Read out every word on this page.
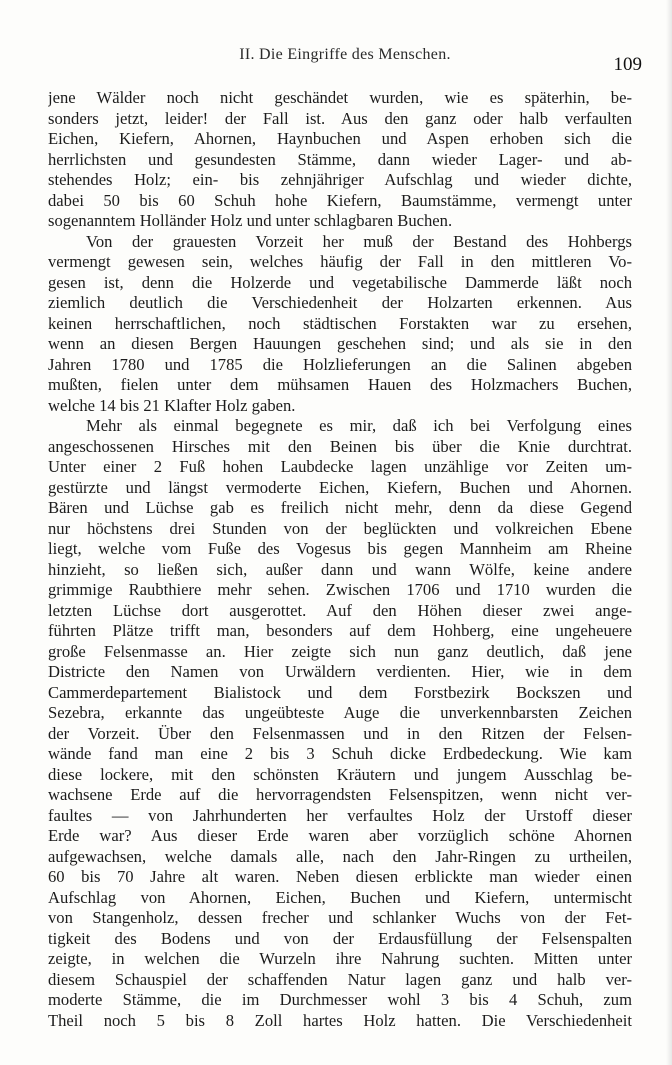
II. Die Eingriffe des Menschen.	109
jene Wälder noch nicht geschändet wurden, wie es späterhin, be-
sonders jetzt, leider! der Fall ist. Aus den ganz oder halb verfaulten
Eichen, Kiefern, Ahornen, Haynbuchen und Aspen erhoben sich die
herrlichsten und gesundesten Stämme, dann wieder Lager- und ab-
stehendes Holz; ein- bis zehnjähriger Aufschlag und wieder dichte,
dabei 50 bis 60 Schuh hohe Kiefern, Baumstämme, vermengt unter
sogenanntem Holländer Holz und unter schlagbaren Buchen.
Von der grauesten Vorzeit her muß der Bestand des Hohbergs
vermengt gewesen sein, welches häufig der Fall in den mittleren Vo-
gesen ist, denn die Holzerde und vegetabilische Dammerde läßt noch
ziemlich deutlich die Verschiedenheit der Holzarten erkennen. Aus
keinen herrschaftlichen, noch städtischen Forstakten war zu ersehen,
wenn an diesen Bergen Hauungen geschehen sind; und als sie in den
Jahren 1780 und 1785 die Holzlieferungen an die Salinen abgeben
mußten, fielen unter dem mühsamen Hauen des Holzmachers Buchen,
welche 14 bis 21 Klafter Holz gaben.
Mehr als einmal begegnete es mir, daß ich bei Verfolgung eines
angeschossenen Hirsches mit den Beinen bis über die Knie durchtrat.
Unter einer 2 Fuß hohen Laubdecke lagen unzählige vor Zeiten um-
gestürzte und längst vermoderte Eichen, Kiefern, Buchen und Ahornen.
Bären und Lüchse gab es freilich nicht mehr, denn da diese Gegend
nur höchstens drei Stunden von der beglückten und volkreichen Ebene
liegt, welche vom Fuße des Vogesus bis gegen Mannheim am Rheine
hinzieht, so ließen sich, außer dann und wann Wölfe, keine andere
grimmige Raubthiere mehr sehen. Zwischen 1706 und 1710 wurden die
letzten Lüchse dort ausgerottet. Auf den Höhen dieser zwei ange-
führten Plätze trifft man, besonders auf dem Hohberg, eine ungeheuere
große Felsenmasse an. Hier zeigte sich nun ganz deutlich, daß jene
Districte den Namen von Urwäldern verdienten. Hier, wie in dem
Cammerdepartement Bialistock und dem Forstbezirk Bockszen und
Sezebra, erkannte das ungeübteste Auge die unverkennbarsten Zeichen
der Vorzeit. Über den Felsenmassen und in den Ritzen der Felsen-
wände fand man eine 2 bis 3 Schuh dicke Erdbedeckung. Wie kam
diese lockere, mit den schönsten Kräutern und jungem Ausschlag be-
wachsene Erde auf die hervorragendsten Felsenspitzen, wenn nicht ver-
faultes — von Jahrhunderten her verfaultes Holz der Urstoff dieser
Erde war? Aus dieser Erde waren aber vorzüglich schöne Ahornen
aufgewachsen, welche damals alle, nach den Jahr-Ringen zu urtheilen,
60 bis 70 Jahre alt waren. Neben diesen erblickte man wieder einen
Aufschlag von Ahornen, Eichen, Buchen und Kiefern, untermischt
von Stangenholz, dessen frecher und schlanker Wuchs von der Fet-
tigkeit des Bodens und von der Erdausfüllung der Felsenspalten
zeigte, in welchen die Wurzeln ihre Nahrung suchten. Mitten unter
diesem Schauspiel der schaffenden Natur lagen ganz und halb ver-
moderte Stämme, die im Durchmesser wohl 3 bis 4 Schuh, zum
Theil noch 5 bis 8 Zoll hartes Holz hatten. Die Verschiedenheit
